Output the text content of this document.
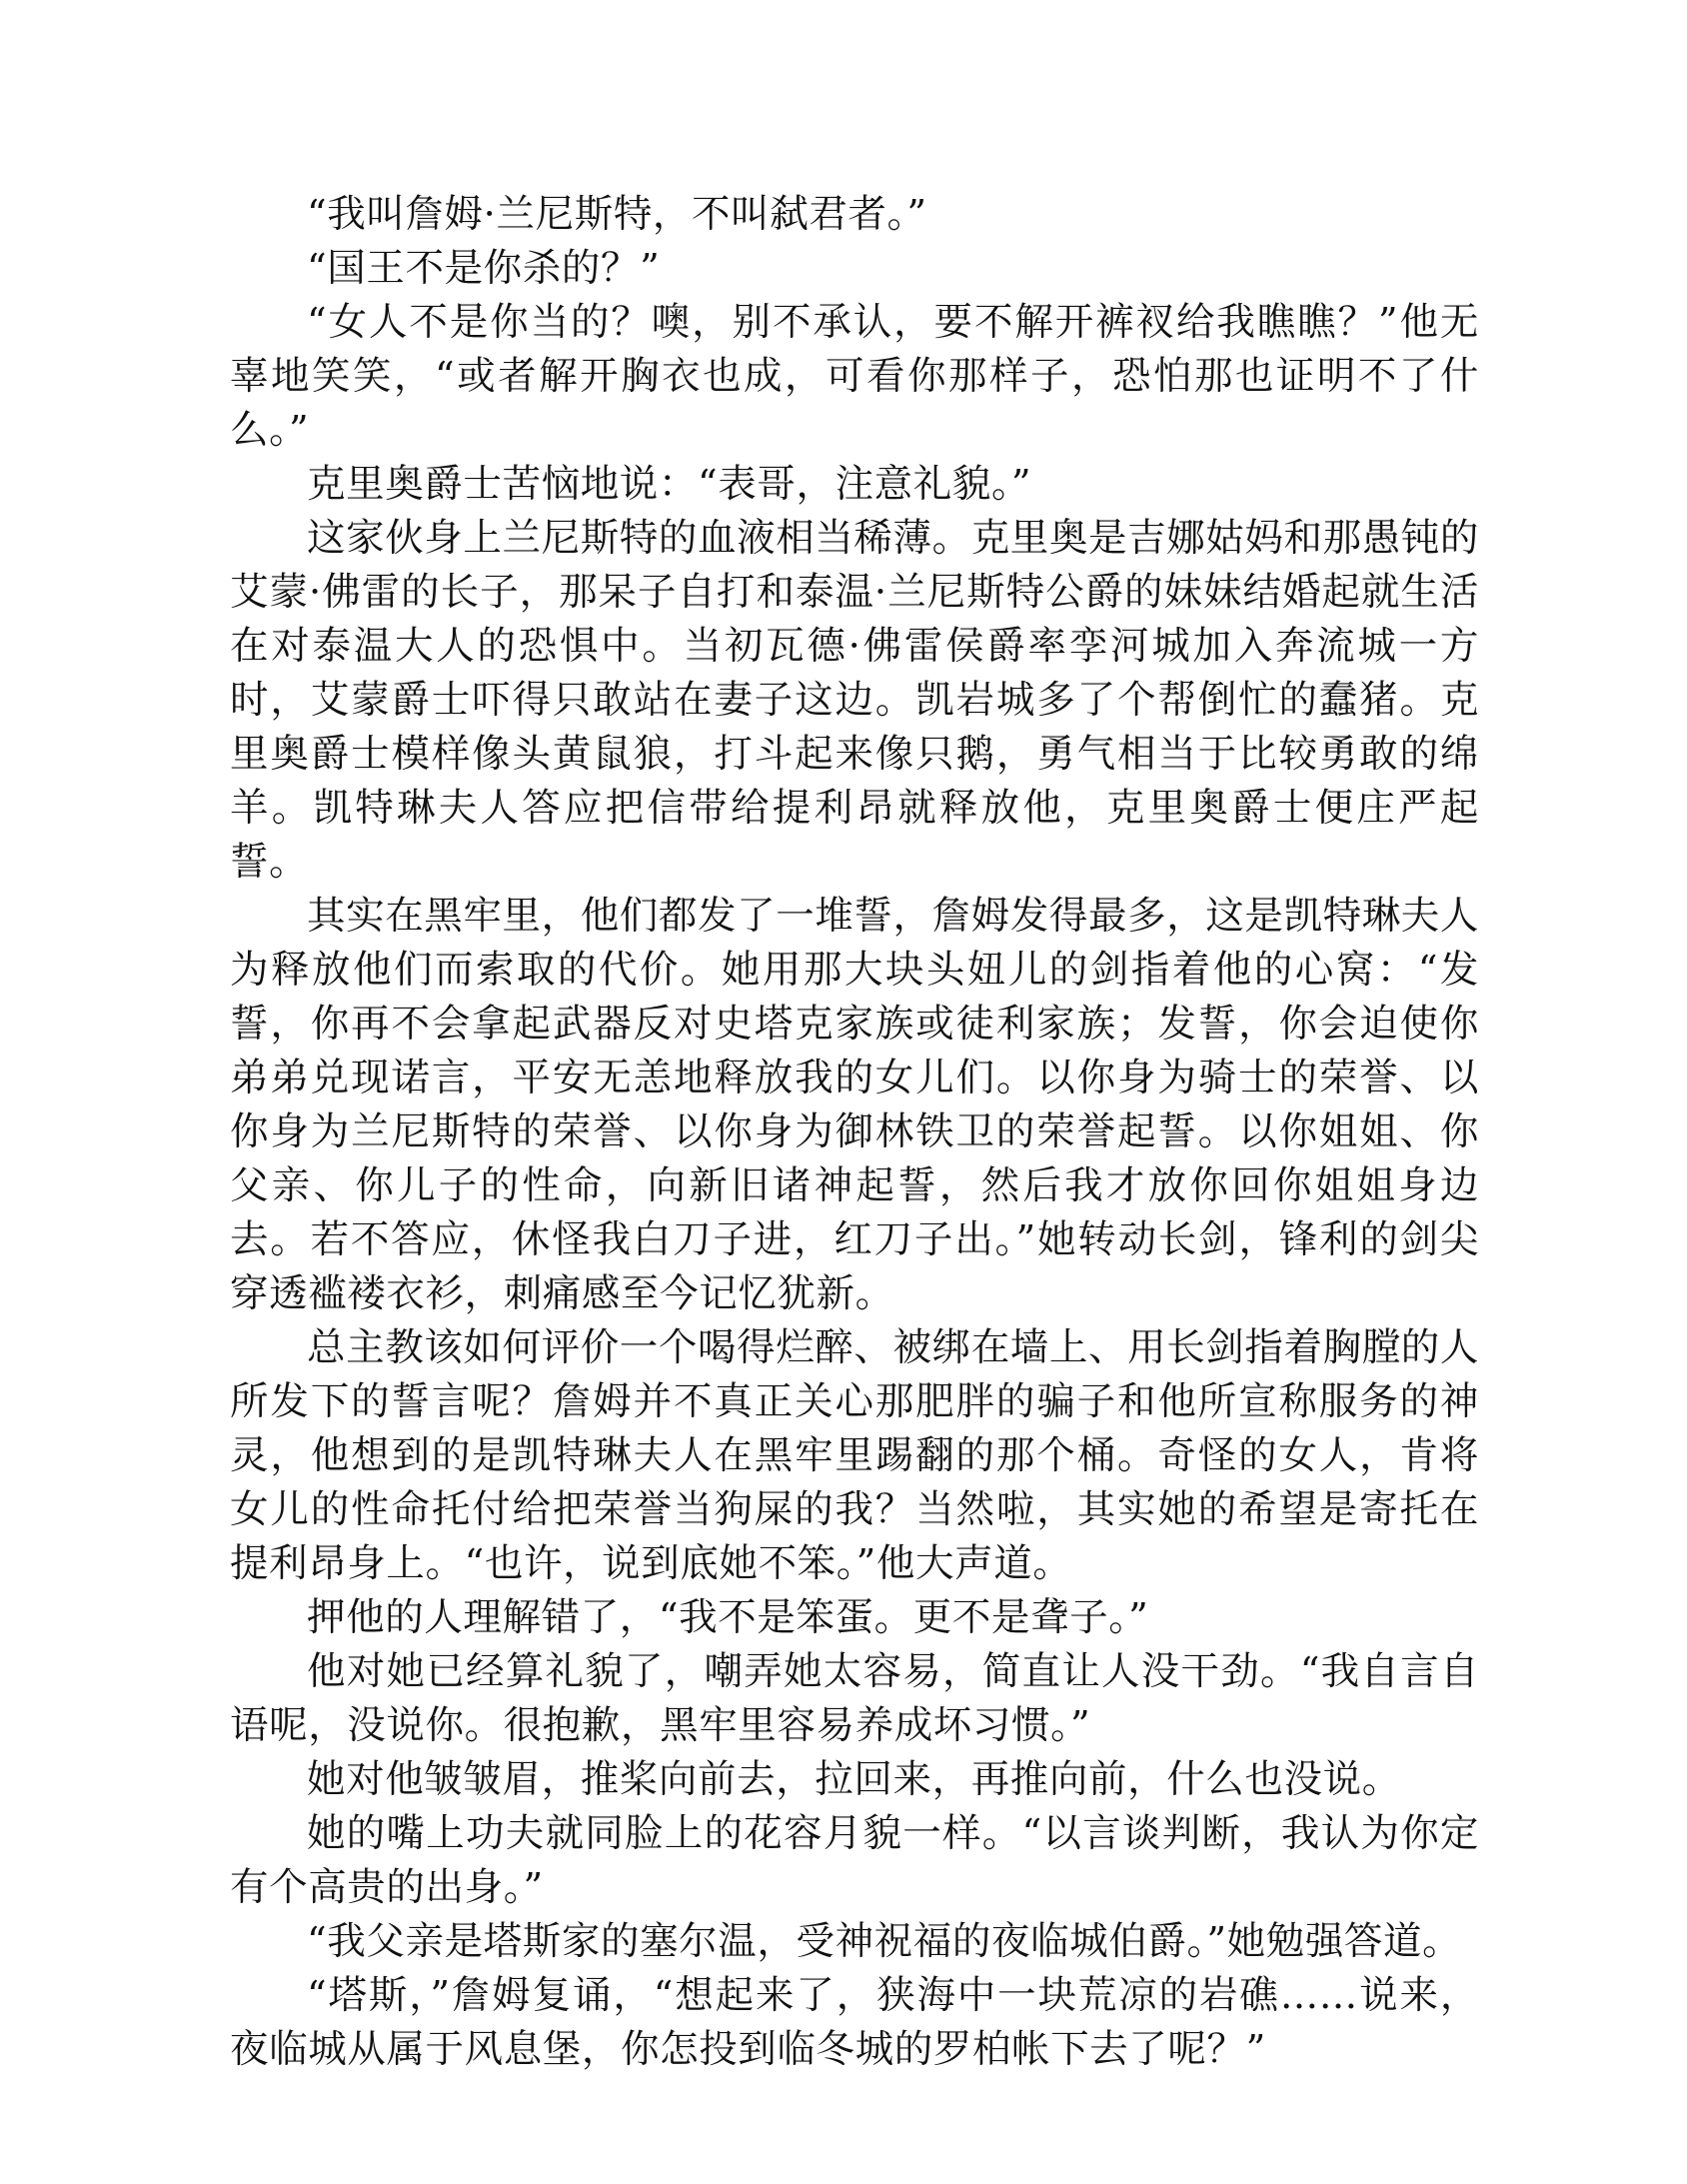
“我叫詹姆·兰尼斯特，不叫弑君者。”

“国王不是你杀的？”

“女人不是你当的？噢，别不承认，要不解开裤衩给我瞧瞧？”他无辜地笑笑，“或者解开胸衣也成，可看你那样子，恐怕那也证明不了什么。”

克里奥爵士苦恼地说：“表哥，注意礼貌。”

这家伙身上兰尼斯特的血液相当稀薄。克里奥是吉娜姑妈和那愚钝的艾蒙·佛雷的长子，那呆子自打和泰温·兰尼斯特公爵的妹妹结婚起就生活在对泰温大人的恐惧中。当初瓦德·佛雷侯爵率孪河城加入奔流城一方时，艾蒙爵士吓得只敢站在妻子这边。凯岩城多了个帮倒忙的蠢猪。克里奥爵士模样像头黄鼠狼，打斗起来像只鹅，勇气相当于比较勇敢的绵羊。凯特琳夫人答应把信带给提利昂就释放他，克里奥爵士便庄严起誓。

其实在黑牢里，他们都发了一堆誓，詹姆发得最多，这是凯特琳夫人为释放他们而索取的代价。她用那大块头妞儿的剑指着他的心窝：“发誓，你再不会拿起武器反对史塔克家族或徒利家族；发誓，你会迫使你弟弟兑现诺言，平安无恙地释放我的女儿们。以你身为骑士的荣誉、以你身为兰尼斯特的荣誉、以你身为御林铁卫的荣誉起誓。以你姐姐、你父亲、你儿子的性命，向新旧诸神起誓，然后我才放你回你姐姐身边去。若不答应，休怪我白刀子进，红刀子出。”她转动长剑，锋利的剑尖穿透褴褛衣衫，刺痛感至今记忆犹新。

总主教该如何评价一个喝得烂醉、被绑在墙上、用长剑指着胸膛的人所发下的誓言呢？詹姆并不真正关心那肥胖的骗子和他所宣称服务的神灵，他想到的是凯特琳夫人在黑牢里踢翻的那个桶。奇怪的女人，肯将女儿的性命托付给把荣誉当狗屎的我？当然啦，其实她的希望是寄托在提利昂身上。“也许，说到底她不笨。”他大声道。

押他的人理解错了，“我不是笨蛋。更不是聋子。”

他对她已经算礼貌了，嘲弄她太容易，简直让人没干劲。“我自言自语呢，没说你。很抱歉，黑牢里容易养成坏习惯。”

她对他皱皱眉，推桨向前去，拉回来，再推向前，什么也没说。

她的嘴上功夫就同脸上的花容月貌一样。“以言谈判断，我认为你定有个高贵的出身。”

“我父亲是塔斯家的塞尔温，受神祝福的夜临城伯爵。”她勉强答道。

“塔斯，”詹姆复诵，“想起来了，狭海中一块荒凉的岩礁……说来，夜临城从属于风息堡，你怎投到临冬城的罗柏帐下去了呢？”
